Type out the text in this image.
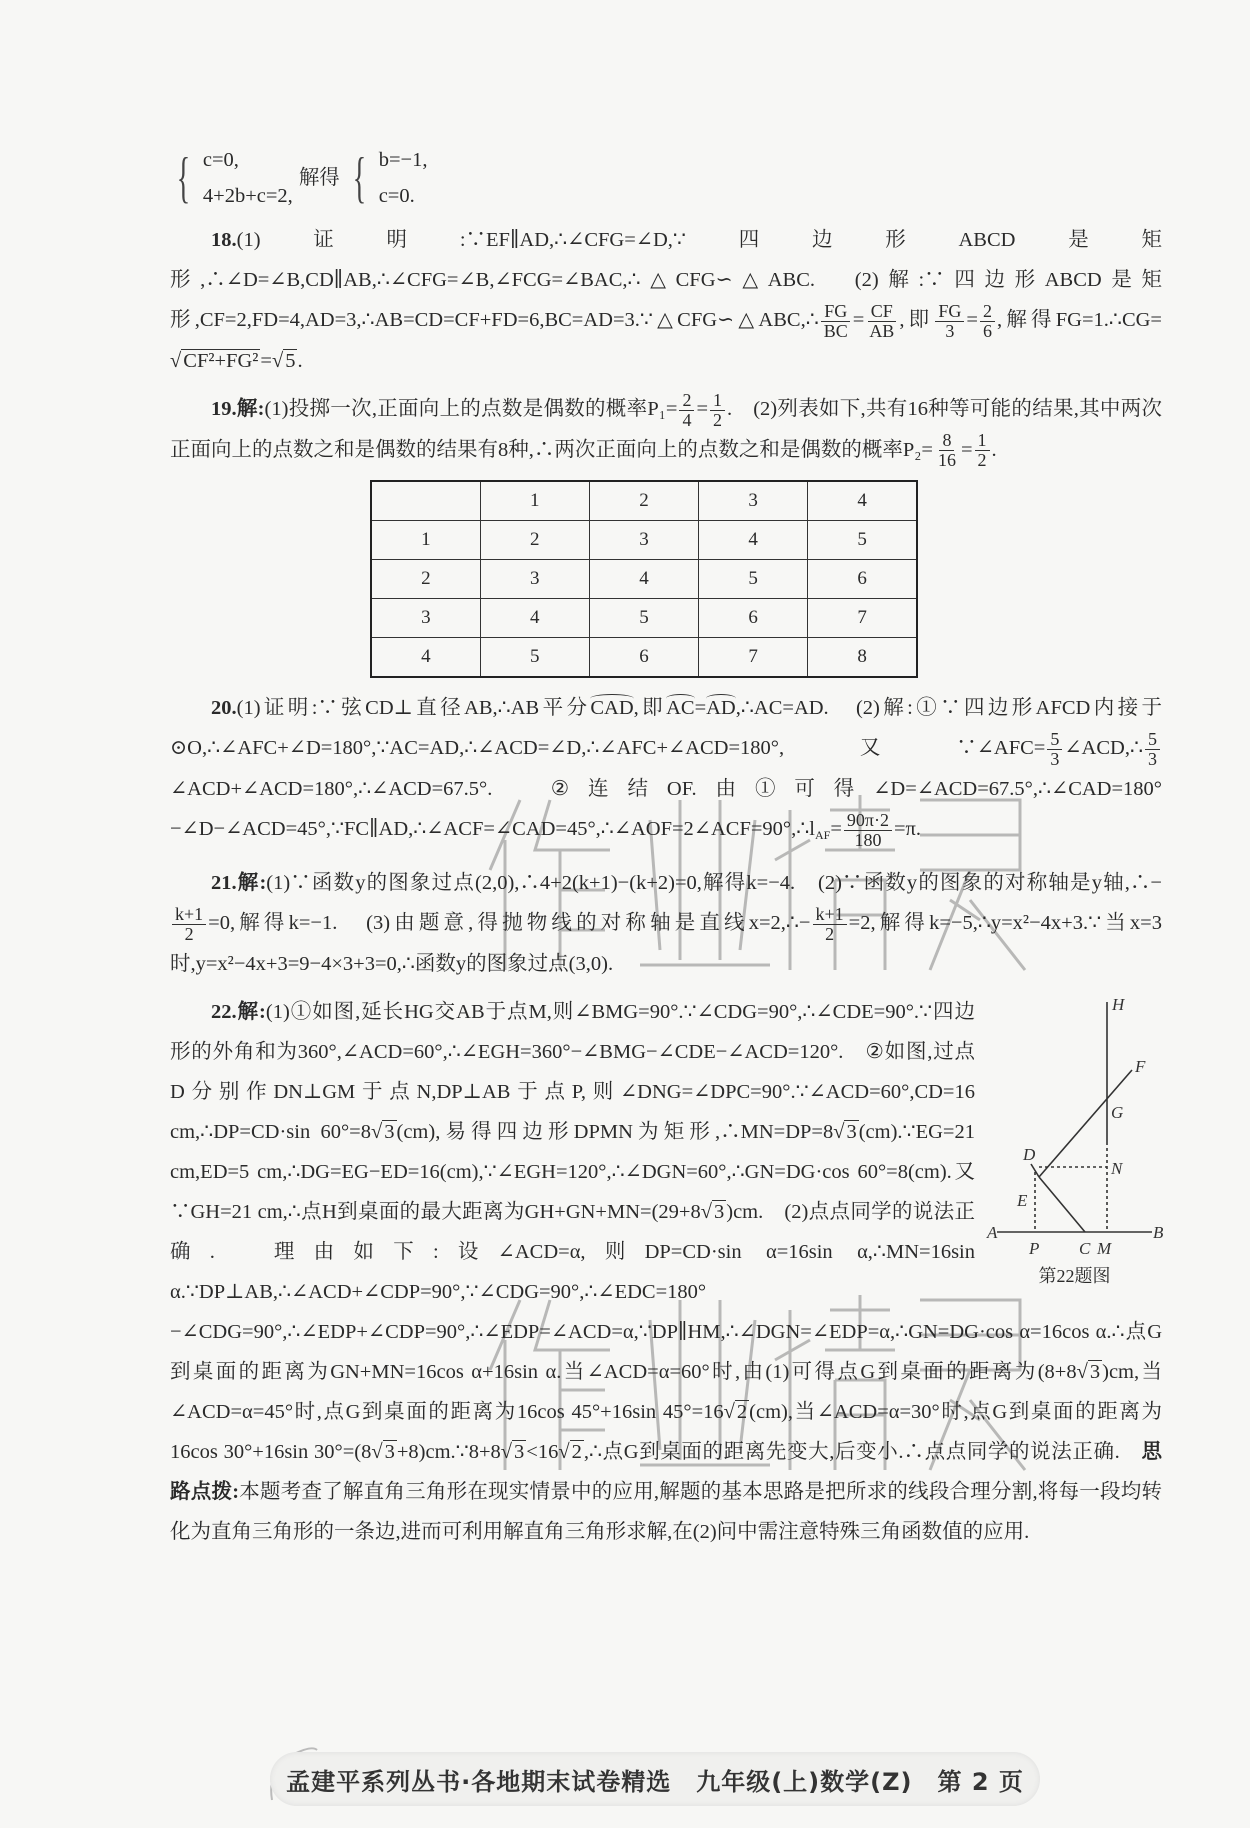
{ c=0,
4+2b+c=2,
解得 { b=−1,
c=0.

18.(1)证明:∵EF∥AD,∴∠CFG=∠D,∵四边形ABCD是矩形,∴∠D=∠B,CD∥AB,∴∠CFG=∠B,∠FCG=∠BAC,∴△CFG∽△ABC.　(2)解:∵四边形ABCD是矩形,CF=2,FD=4,AD=3,∴AB=CD=CF+FD=6,BC=AD=3.∵△CFG∽△ABC,∴ $\frac{FG}{BC} = \frac{CF}{AB}$ ,即 $\frac{FG}{3} = \frac{2}{6}$ ,解得FG=1.∴CG=√CF²+FG²=√5.

19.解:(1)投掷一次,正面向上的点数是偶数的概率$P_1= \frac{2}{4} = \frac{1}{2}$ .　(2)列表如下,共有16种等可能的结果,其中两次正面向上的点数之和是偶数的结果有8种,∴两次正面向上的点数之和是偶数的概率$P_2= \frac{8}{16} = \frac{1}{2}$ .

	1	2	3	4
1	2	3	4	5
2	3	4	5	6
3	4	5	6	7
4	5	6	7	8

20.(1)证明:∵弦CD⊥直径AB,∴AB平分CAD,即AC=AD,∴AC=AD.　(2)解:①∵四边形AFCD内接于⊙O,∴∠AFC+∠D=180°,∵AC=AD,∴∠ACD=∠D,∴∠AFC+∠ACD=180°,又∵∠AFC= $\frac{5}{3}$ ∠ACD,∴ $\frac{5}{3}$
∠ACD+∠ACD=180°,∴∠ACD=67.5°.　②连结OF.由①可得$\angle D=\angle ACD=67.5^\circ,\therefore\angle CAD=180^\circ-\angle D-\angle ACD=45^\circ,\because FC\parallel AD,\therefore\angle ACF=\angle CAD=45^\circ,\therefore\angle AOF=2\angle ACF=90^\circ,\therefore l_{AF}= \frac{90\pi\cdot 2}{180} =\pi$.

21.解:(1)∵函数y的图象过点(2,0),∴4+2(k+1)−(k+2)=0,解得k=−4.　(2)∵函数y的图象的对称轴是y轴,∴−
$\frac{k+1}{2} =0$,解得k=−1.　(3)由题意,得抛物线的对称轴是直线x=2,∴− $\frac{k+1}{2} =2$,解得k=−5,∴y=x²−4x+3.∵当x=3时,y=x²−4x+3=9−4×3+3=0,∴函数y的图象过点(3,0).

H
F
G
D
N
E
A	B
P C M
第22题图

22.解:(1)①如图,延长HG交AB于点M,则∠BMG=90°.∵∠CDG=90°,∴∠CDE=90°.∵四边形的外角和为360°,∠ACD=60°,∴∠EGH=360°−∠BMG−∠CDE−∠ACD=120°.　②如图,过点D分别作DN⊥GM于点N,DP⊥AB于点P,则∠DNG=∠DPC=90°.∵∠ACD=60°,CD=16 cm,∴DP=CD·sin 60°=8√3(cm),易得四边形DPMN为矩形,∴MN=DP=8√3(cm).∵EG=21 cm,ED=5 cm,∴DG=EG−ED=16(cm),∵∠EGH=120°,∴∠DGN=60°,∴GN=DG·cos 60°=8(cm).又∵GH=21 cm,∴点H到桌面的最大距离为GH+GN+MN=(29+8√3)cm.　(2)点点同学的说法正确.　理由如下:设∠ACD=α,则DP=CD·sin α=16sin α,∴MN=16sin α.∵DP⊥AB,∴∠ACD+∠CDP=90°,∵∠CDG=90°,∴∠EDC=180°−∠CDG=90°,∴∠EDP+∠CDP=90°,∴∠EDP=∠ACD=α,∵DP∥HM,∴∠DGN=∠EDP=α,∴GN=DG·cos α=16cos α.∴点G到桌面的距离为GN+MN=16cos α+16sin α.当∠ACD=α=60°时,由(1)可得点G到桌面的距离为(8+8√3)cm,当∠ACD=α=45°时,点G到桌面的距离为16cos 45°+16sin 45°=16√2(cm),当∠ACD=α=30°时,点G到桌面的距离为16cos 30°+16sin 30°=(8√3+8)cm.∵8+8√3<16√2,∴点G到桌面的距离先变大,后变小.∴点点同学的说法正确.　思路点拨:本题考查了解直角三角形在现实情景中的应用,解题的基本思路是把所求的线段合理分割,将每一段均转化为直角三角形的一条边,进而可利用解直角三角形求解,在(2)问中需注意特殊三角函数值的应用.

孟建平系列丛书·各地期末试卷精选　九年级(上)数学(Z)　第 2 页
